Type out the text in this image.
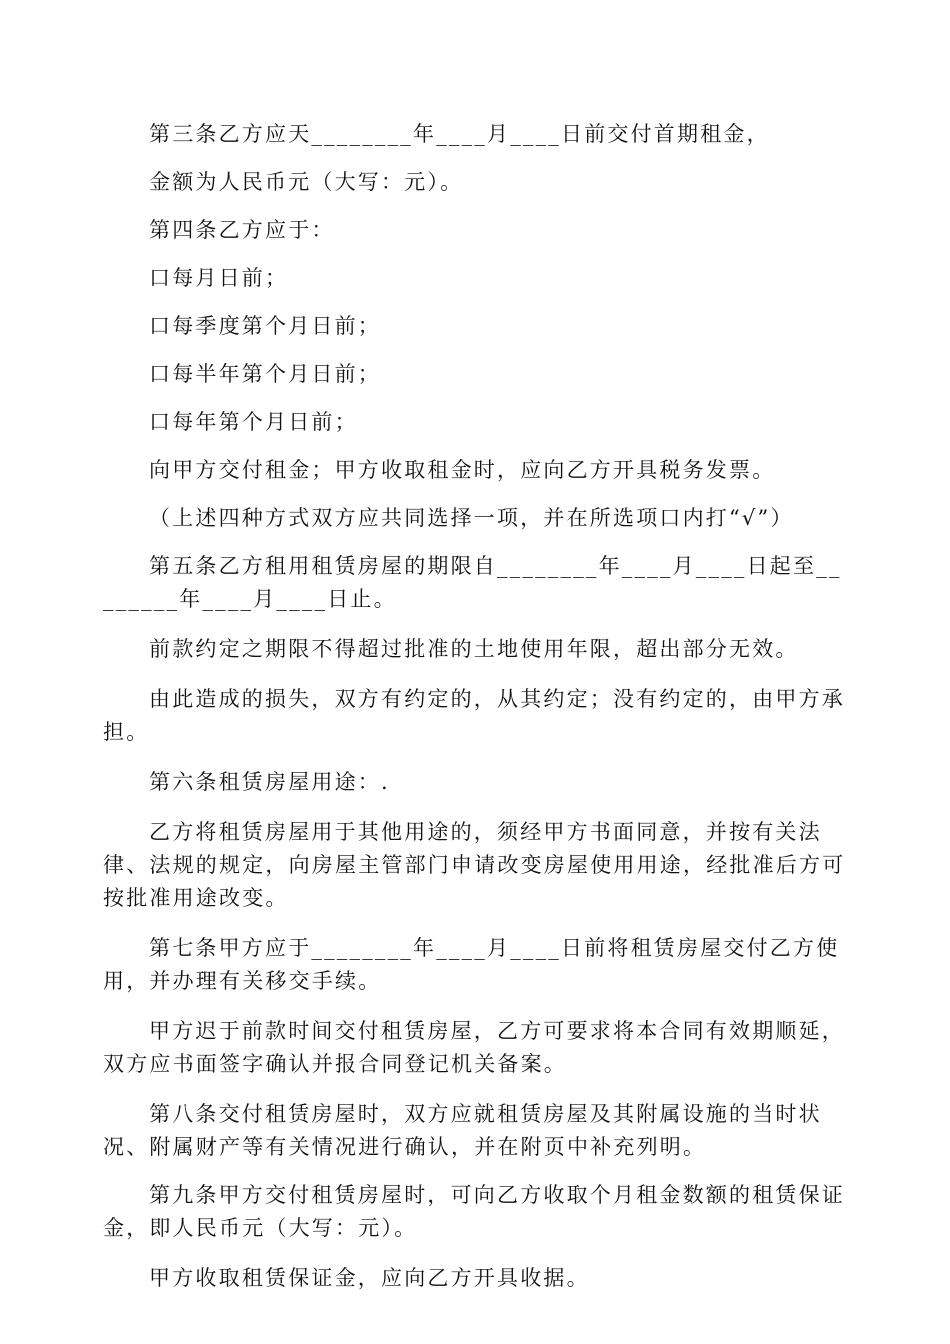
第三条乙方应天________年____月____日前交付首期租金，

金额为人民币元（大写：元）。

第四条乙方应于：

口每月日前；

口每季度第个月日前；

口每半年第个月日前；

口每年第个月日前；

向甲方交付租金；甲方收取租金时，应向乙方开具税务发票。

（上述四种方式双方应共同选择一项，并在所选项口内打“√”）

第五条乙方租用租赁房屋的期限自________年____月____日起至________年____月____日止。

前款约定之期限不得超过批准的土地使用年限，超出部分无效。

由此造成的损失，双方有约定的，从其约定；没有约定的，由甲方承担。

第六条租赁房屋用途：.

乙方将租赁房屋用于其他用途的，须经甲方书面同意，并按有关法律、法规的规定，向房屋主管部门申请改变房屋使用用途，经批准后方可按批准用途改变。

第七条甲方应于________年____月____日前将租赁房屋交付乙方使用，并办理有关移交手续。

甲方迟于前款时间交付租赁房屋，乙方可要求将本合同有效期顺延，双方应书面签字确认并报合同登记机关备案。

第八条交付租赁房屋时，双方应就租赁房屋及其附属设施的当时状况、附属财产等有关情况进行确认，并在附页中补充列明。

第九条甲方交付租赁房屋时，可向乙方收取个月租金数额的租赁保证金，即人民币元（大写：元）。

甲方收取租赁保证金，应向乙方开具收据。
